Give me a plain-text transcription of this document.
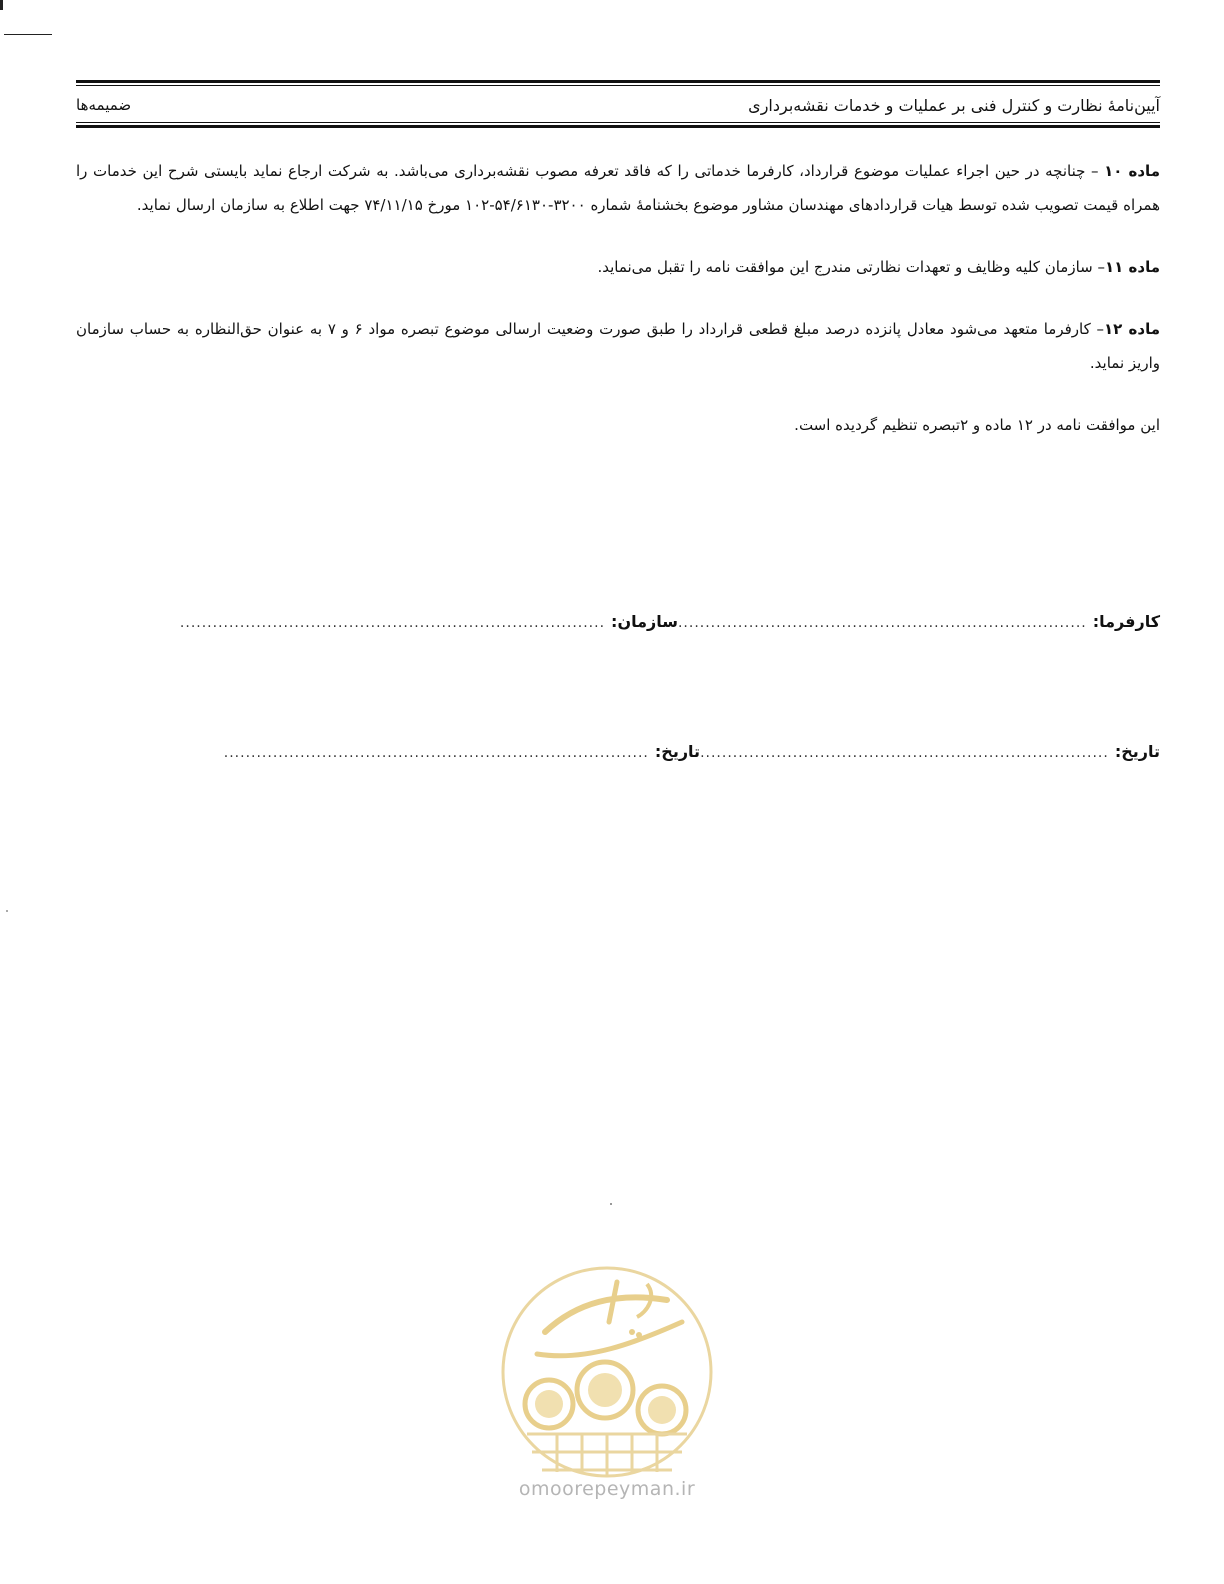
آیین‌نامهٔ نظارت و کنترل فنی بر عملیات و خدمات نقشه‌برداری
ضمیمه‌ها

ماده ۱۰ – چنانچه در حین اجراء عملیات موضوع قرارداد، کارفرما خدماتی را که فاقد تعرفه مصوب نقشه‌برداری می‌باشد. به شرکت ارجاع نماید بایستی شرح این خدمات را همراه قیمت تصویب شده توسط هیات قراردادهای مهندسان مشاور موضوع بخشنامهٔ شماره ۳۲۰۰-۵۴/۶۱۳۰-۱۰۲ مورخ ۷۴/۱۱/۱۵ جهت اطلاع به سازمان ارسال نماید.

ماده ۱۱– سازمان کلیه وظایف و تعهدات نظارتی مندرج این موافقت نامه را تقبل می‌نماید.

ماده ۱۲– کارفرما متعهد می‌شود معادل پانزده درصد مبلغ قطعی قرارداد را طبق صورت وضعیت ارسالی موضوع تبصره مواد ۶ و ۷ به عنوان حق‌النظاره به حساب سازمان واریز نماید.

این موافقت نامه در ۱۲ ماده و ۲تبصره تنظیم گردیده است.

کارفرما:
...........................................................................
سازمان:
..............................................................................
تاریخ:
...........................................................................
تاریخ:
..............................................................................
omoorepeyman.ir
